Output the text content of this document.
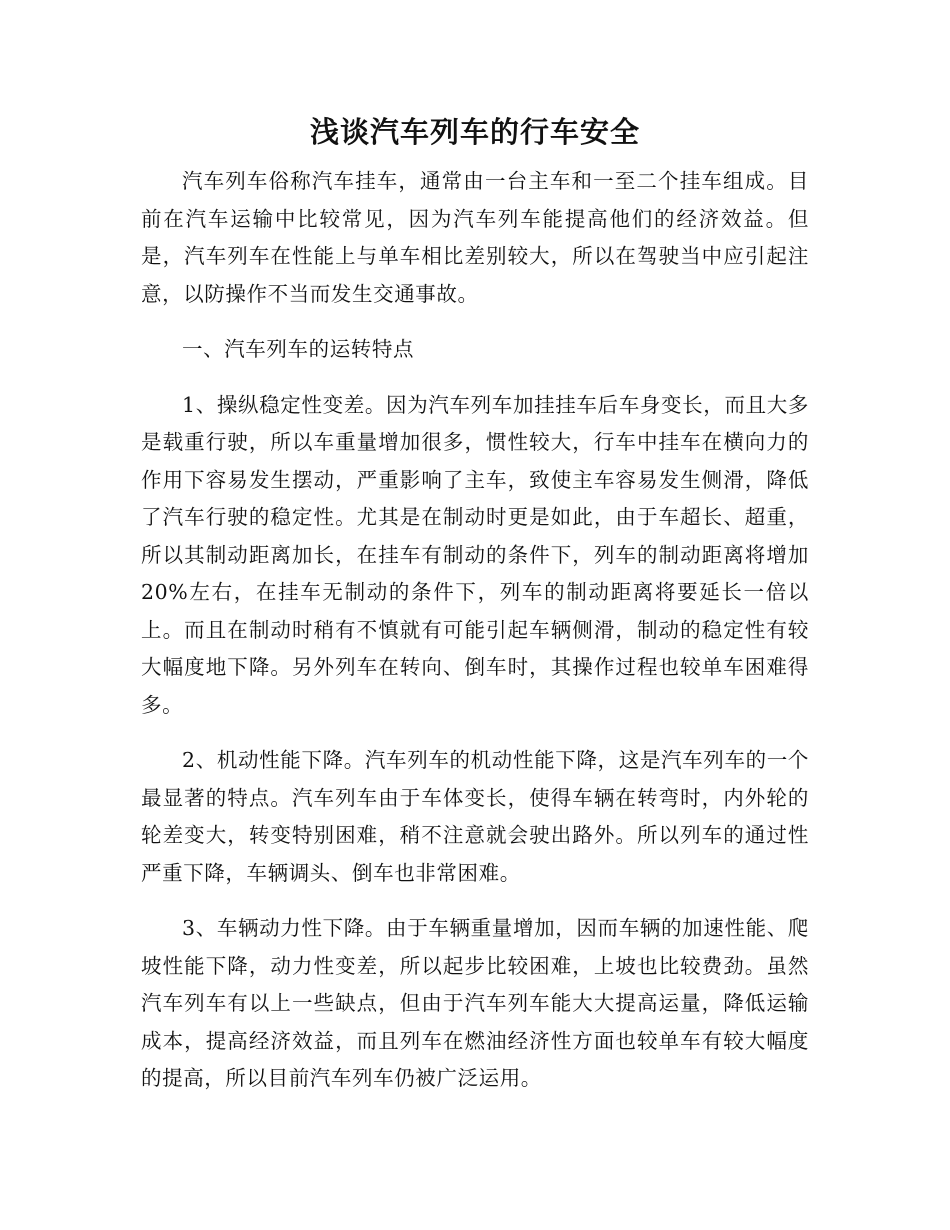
浅谈汽车列车的行车安全

汽车列车俗称汽车挂车，通常由一台主车和一至二个挂车组成。目前在汽车运输中比较常见，因为汽车列车能提高他们的经济效益。但是，汽车列车在性能上与单车相比差别较大，所以在驾驶当中应引起注意，以防操作不当而发生交通事故。

一、汽车列车的运转特点

1、操纵稳定性变差。因为汽车列车加挂挂车后车身变长，而且大多是载重行驶，所以车重量增加很多，惯性较大，行车中挂车在横向力的作用下容易发生摆动，严重影响了主车，致使主车容易发生侧滑，降低了汽车行驶的稳定性。尤其是在制动时更是如此，由于车超长、超重，所以其制动距离加长，在挂车有制动的条件下，列车的制动距离将增加20%左右，在挂车无制动的条件下，列车的制动距离将要延长一倍以上。而且在制动时稍有不慎就有可能引起车辆侧滑，制动的稳定性有较大幅度地下降。另外列车在转向、倒车时，其操作过程也较单车困难得多。

2、机动性能下降。汽车列车的机动性能下降，这是汽车列车的一个最显著的特点。汽车列车由于车体变长，使得车辆在转弯时，内外轮的轮差变大，转变特别困难，稍不注意就会驶出路外。所以列车的通过性严重下降，车辆调头、倒车也非常困难。

3、车辆动力性下降。由于车辆重量增加，因而车辆的加速性能、爬坡性能下降，动力性变差，所以起步比较困难，上坡也比较费劲。虽然汽车列车有以上一些缺点，但由于汽车列车能大大提高运量，降低运输成本，提高经济效益，而且列车在燃油经济性方面也较单车有较大幅度的提高，所以目前汽车列车仍被广泛运用。
